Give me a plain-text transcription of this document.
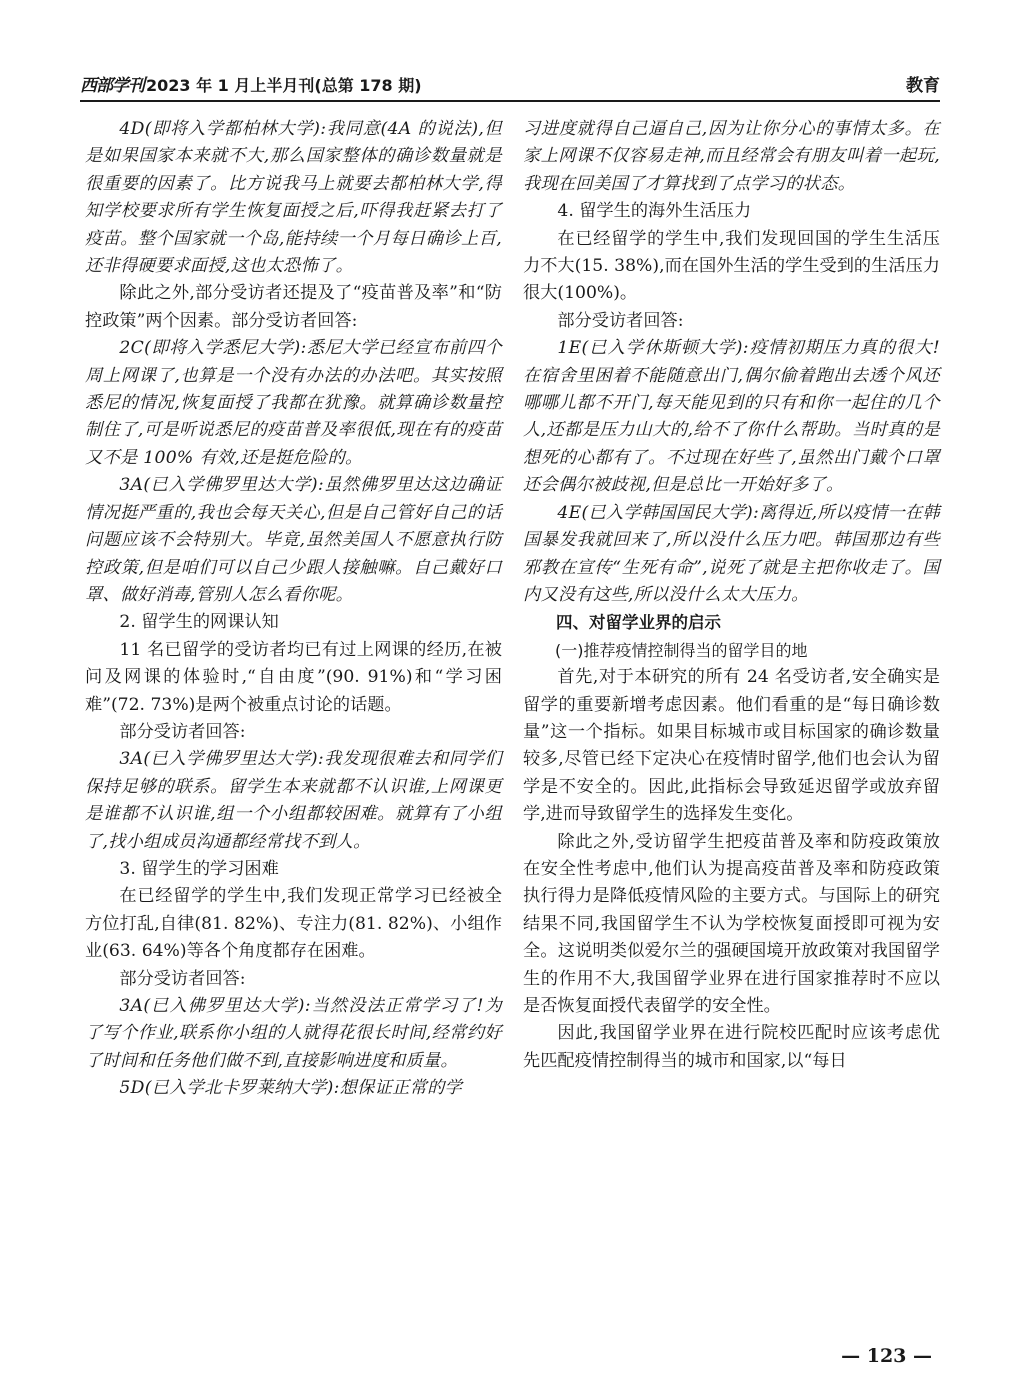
西部学刊 2023 年 1 月上半月刊(总第 178 期)	教育

4D(即将入学都柏林大学):我同意(4A 的说法),但是如果国家本来就不大,那么国家整体的确诊数量就是很重要的因素了。比方说我马上就要去都柏林大学,得知学校要求所有学生恢复面授之后,吓得我赶紧去打了疫苗。整个国家就一个岛,能持续一个月每日确诊上百,还非得硬要求面授,这也太恐怖了。

除此之外,部分受访者还提及了“疫苗普及率”和“防控政策”两个因素。部分受访者回答:

2C(即将入学悉尼大学):悉尼大学已经宣布前四个周上网课了,也算是一个没有办法的办法吧。其实按照悉尼的情况,恢复面授了我都在犹豫。就算确诊数量控制住了,可是听说悉尼的疫苗普及率很低,现在有的疫苗又不是 100% 有效,还是挺危险的。

3A(已入学佛罗里达大学):虽然佛罗里达这边确证情况挺严重的,我也会每天关心,但是自己管好自己的话问题应该不会特别大。毕竟,虽然美国人不愿意执行防控政策,但是咱们可以自己少跟人接触嘛。自己戴好口罩、做好消毒,管别人怎么看你呢。

2. 留学生的网课认知

11 名已留学的受访者均已有过上网课的经历,在被问及网课的体验时,“自由度”(90. 91%)和“学习困难”(72. 73%)是两个被重点讨论的话题。

部分受访者回答:

3A(已入学佛罗里达大学):我发现很难去和同学们保持足够的联系。留学生本来就都不认识谁,上网课更是谁都不认识谁,组一个小组都较困难。就算有了小组了,找小组成员沟通都经常找不到人。

3. 留学生的学习困难

在已经留学的学生中,我们发现正常学习已经被全方位打乱,自律(81. 82%)、专注力(81. 82%)、小组作业(63. 64%)等各个角度都存在困难。

部分受访者回答:

3A(已入佛罗里达大学):当然没法正常学习了!为了写个作业,联系你小组的人就得花很长时间,经常约好了时间和任务他们做不到,直接影响进度和质量。

5D(已入学北卡罗莱纳大学):想保证正常的学

习进度就得自己逼自己,因为让你分心的事情太多。在家上网课不仅容易走神,而且经常会有朋友叫着一起玩,我现在回美国了才算找到了点学习的状态。

4. 留学生的海外生活压力

在已经留学的学生中,我们发现回国的学生生活压力不大(15. 38%),而在国外生活的学生受到的生活压力很大(100%)。

部分受访者回答:

1E(已入学休斯顿大学):疫情初期压力真的很大!在宿舍里困着不能随意出门,偶尔偷着跑出去透个风还哪哪儿都不开门,每天能见到的只有和你一起住的几个人,还都是压力山大的,给不了你什么帮助。当时真的是想死的心都有了。不过现在好些了,虽然出门戴个口罩还会偶尔被歧视,但是总比一开始好多了。

4E(已入学韩国国民大学):离得近,所以疫情一在韩国暴发我就回来了,所以没什么压力吧。韩国那边有些邪教在宣传“生死有命”,说死了就是主把你收走了。国内又没有这些,所以没什么太大压力。

四、对留学业界的启示

(一)推荐疫情控制得当的留学目的地

首先,对于本研究的所有 24 名受访者,安全确实是留学的重要新增考虑因素。他们看重的是“每日确诊数量”这一个指标。如果目标城市或目标国家的确诊数量较多,尽管已经下定决心在疫情时留学,他们也会认为留学是不安全的。因此,此指标会导致延迟留学或放弃留学,进而导致留学生的选择发生变化。

除此之外,受访留学生把疫苗普及率和防疫政策放在安全性考虑中,他们认为提高疫苗普及率和防疫政策执行得力是降低疫情风险的主要方式。与国际上的研究结果不同,我国留学生不认为学校恢复面授即可视为安全。这说明类似爱尔兰的强硬国境开放政策对我国留学生的作用不大,我国留学业界在进行国家推荐时不应以是否恢复面授代表留学的安全性。

因此,我国留学业界在进行院校匹配时应该考虑优先匹配疫情控制得当的城市和国家,以“每日

— 123 —
